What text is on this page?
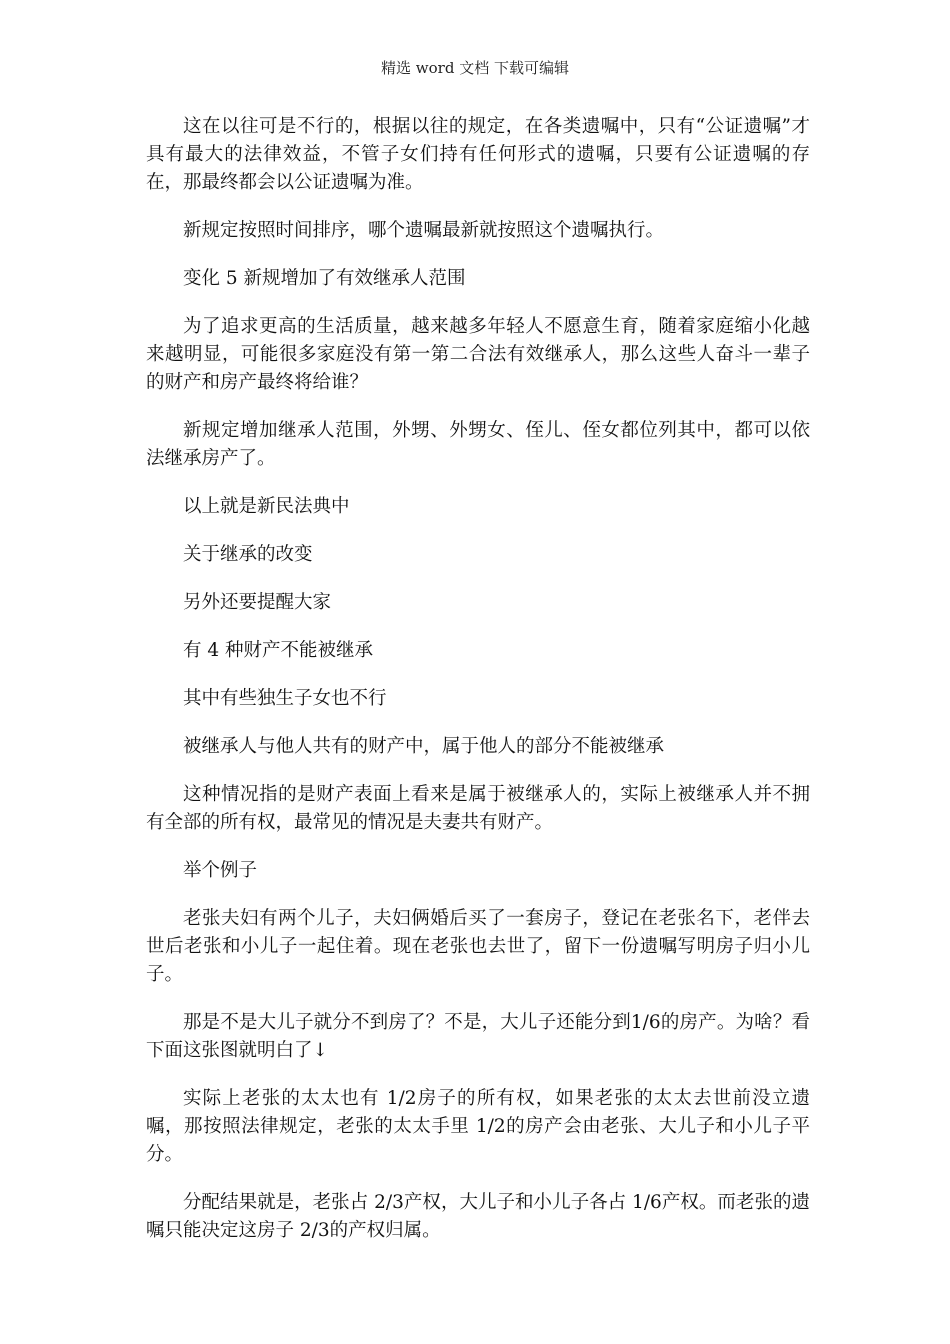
精选 word 文档 下载可编辑

这在以往可是不行的，根据以往的规定，在各类遗嘱中，只有“公证遗嘱”才具有最大的法律效益，不管子女们持有任何形式的遗嘱，只要有公证遗嘱的存在，那最终都会以公证遗嘱为准。

新规定按照时间排序，哪个遗嘱最新就按照这个遗嘱执行。

变化 5 新规增加了有效继承人范围

为了追求更高的生活质量，越来越多年轻人不愿意生育，随着家庭缩小化越来越明显，可能很多家庭没有第一第二合法有效继承人，那么这些人奋斗一辈子的财产和房产最终将给谁？

新规定增加继承人范围，外甥、外甥女、侄儿、侄女都位列其中，都可以依法继承房产了。

以上就是新民法典中

关于继承的改变

另外还要提醒大家

有 4 种财产不能被继承

其中有些独生子女也不行

被继承人与他人共有的财产中，属于他人的部分不能被继承

这种情况指的是财产表面上看来是属于被继承人的，实际上被继承人并不拥有全部的所有权，最常见的情况是夫妻共有财产。

举个例子

老张夫妇有两个儿子，夫妇俩婚后买了一套房子，登记在老张名下，老伴去世后老张和小儿子一起住着。现在老张也去世了，留下一份遗嘱写明房子归小儿子。

那是不是大儿子就分不到房了？不是，大儿子还能分到1/6的房产。为啥？看下面这张图就明白了↓

实际上老张的太太也有 1/2房子的所有权，如果老张的太太去世前没立遗嘱，那按照法律规定，老张的太太手里 1/2的房产会由老张、大儿子和小儿子平分。

分配结果就是，老张占 2/3产权，大儿子和小儿子各占 1/6产权。而老张的遗嘱只能决定这房子 2/3的产权归属。
